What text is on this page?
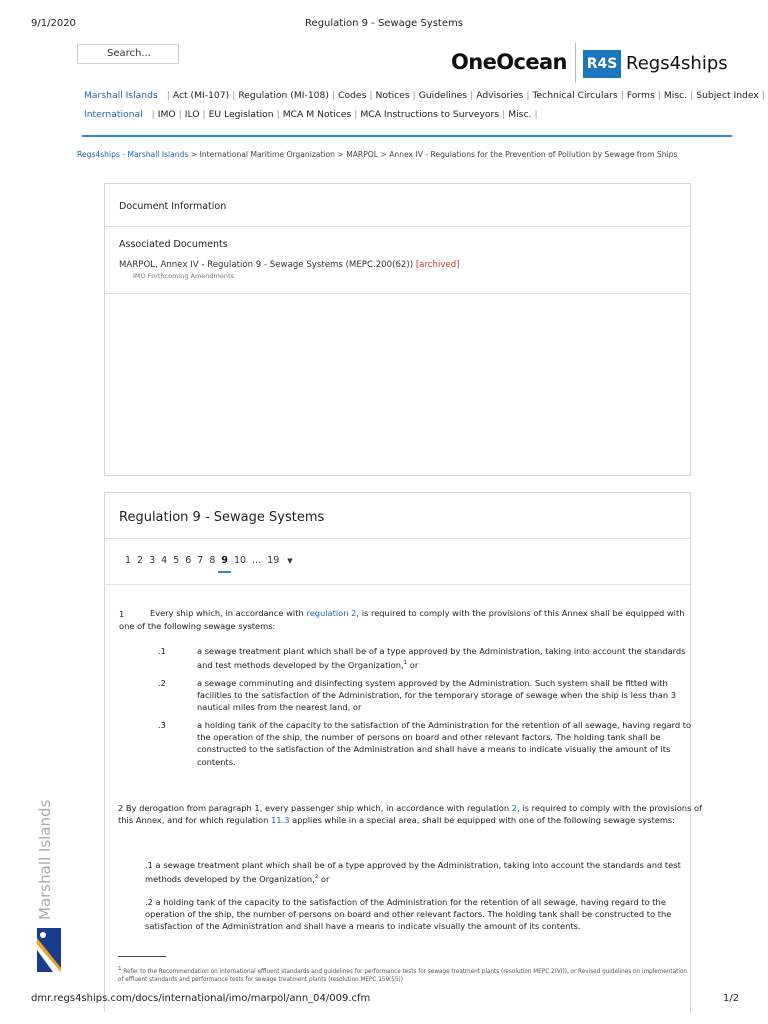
9/1/2020	Regulation 9 - Sewage Systems
Search...	OneOcean R4S Regs4ships
Marshall Islands | Act (MI-107) | Regulation (MI-108) | Codes | Notices | Guidelines | Advisories | Technical Circulars | Forms | Misc. | Subject Index |
International | IMO | ILO | EU Legislation | MCA M Notices | MCA Instructions to Surveyors | Misc. |
Regs4ships - Marshall Islands > International Maritime Organization > MARPOL > Annex IV - Regulations for the Prevention of Pollution by Sewage from Ships
Document Information
Associated Documents
MARPOL, Annex IV - Regulation 9 - Sewage Systems (MEPC.200(62)) [archived]
IMO Forthcoming Amendments
Regulation 9 - Sewage Systems
1 2 3 4 5 6 7 8 9 10 ... 19 ▼
1	Every ship which, in accordance with regulation 2, is required to comply with the provisions of this Annex shall be equipped with
one of the following sewage systems:
.1	a sewage treatment plant which shall be of a type approved by the Administration, taking into account the standards
and test methods developed by the Organization,$^1$ or
.2	a sewage comminuting and disinfecting system approved by the Administration. Such system shall be fitted with
facilities to the satisfaction of the Administration, for the temporary storage of sewage when the ship is less than 3
nautical miles from the nearest land, or
.3	a holding tank of the capacity to the satisfaction of the Administration for the retention of all sewage, having regard to
the operation of the ship, the number of persons on board and other relevant factors. The holding tank shall be
constructed to the satisfaction of the Administration and shall have a means to indicate visually the amount of its
contents.
2 By derogation from paragraph 1, every passenger ship which, in accordance with regulation 2, is required to comply with the provisions of
this Annex, and for which regulation 11.3 applies while in a special area, shall be equipped with one of the following sewage systems:
.1 a sewage treatment plant which shall be of a type approved by the Administration, taking into account the standards and test
methods developed by the Organization,$^2$ or
.2 a holding tank of the capacity to the satisfaction of the Administration for the retention of all sewage, having regard to the
operation of the ship, the number of persons on board and other relevant factors. The holding tank shall be constructed to the
satisfaction of the Administration and shall have a means to indicate visually the amount of its contents.
1 Refer to the Recommendation on international effluent standards and guidelines for performance tests for sewage treatment plants (resolution MEPC.2(VI)), or Revised guidelines on implementation of effluent standards and performance tests for sewage treatment plants (resolution MEPC.159(55))
Marshall Islands
dmr.regs4ships.com/docs/international/imo/marpol/ann_04/009.cfm	1/2
